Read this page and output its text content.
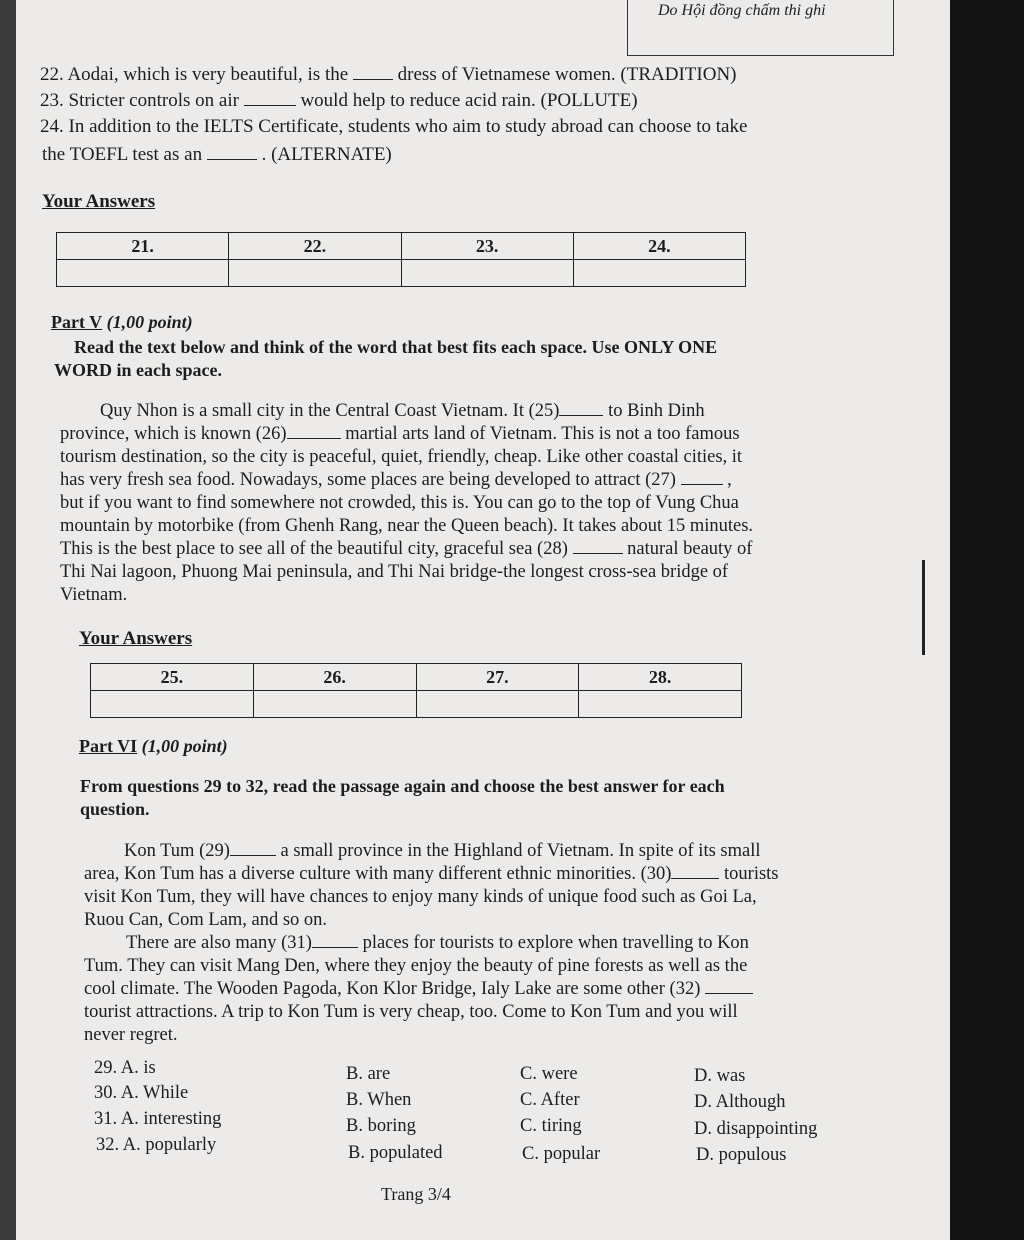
Do Hội đồng chấm thi ghi
22. Aodai, which is very beautiful, is the	dress of Vietnamese women. (TRADITION)
23. Stricter controls on air	would help to reduce acid rain. (POLLUTE)
24. In addition to the IELTS Certificate, students who aim to study abroad can choose to take
the TOEFL test as an	. (ALTERNATE)
Your Answers
21.	22.	23.	24.

Part V (1,00 point)
Read the text below and think of the word that best fits each space. Use ONLY ONE
WORD in each space.
Quy Nhon is a small city in the Central Coast Vietnam. It (25)	to Binh Dinh
province, which is known (26)	martial arts land of Vietnam. This is not a too famous
tourism destination, so the city is peaceful, quiet, friendly, cheap. Like other coastal cities, it
has very fresh sea food. Nowadays, some places are being developed to attract (27)	,
but if you want to find somewhere not crowded, this is. You can go to the top of Vung Chua
mountain by motorbike (from Ghenh Rang, near the Queen beach). It takes about 15 minutes.
This is the best place to see all of the beautiful city, graceful sea (28)	natural beauty of
Thi Nai lagoon, Phuong Mai peninsula, and Thi Nai bridge-the longest cross-sea bridge of
Vietnam.
Your Answers
25.	26.	27.	28.

Part VI (1,00 point)
From questions 29 to 32, read the passage again and choose the best answer for each
question.
Kon Tum (29)	a small province in the Highland of Vietnam. In spite of its small
area, Kon Tum has a diverse culture with many different ethnic minorities. (30)	tourists
visit Kon Tum, they will have chances to enjoy many kinds of unique food such as Goi La,
Ruou Can, Com Lam, and so on.
There are also many (31)	places for tourists to explore when travelling to Kon
Tum. They can visit Mang Den, where they enjoy the beauty of pine forests as well as the
cool climate. The Wooden Pagoda, Kon Klor Bridge, Ialy Lake are some other (32)
tourist attractions. A trip to Kon Tum is very cheap, too. Come to Kon Tum and you will
never regret.
29. A. is	B. are	C. were	D. was
30. A. While	B. When	C. After	D. Although
31. A. interesting	B. boring	C. tiring	D. disappointing
32. A. popularly	B. populated	C. popular	D. populous
Trang 3/4
